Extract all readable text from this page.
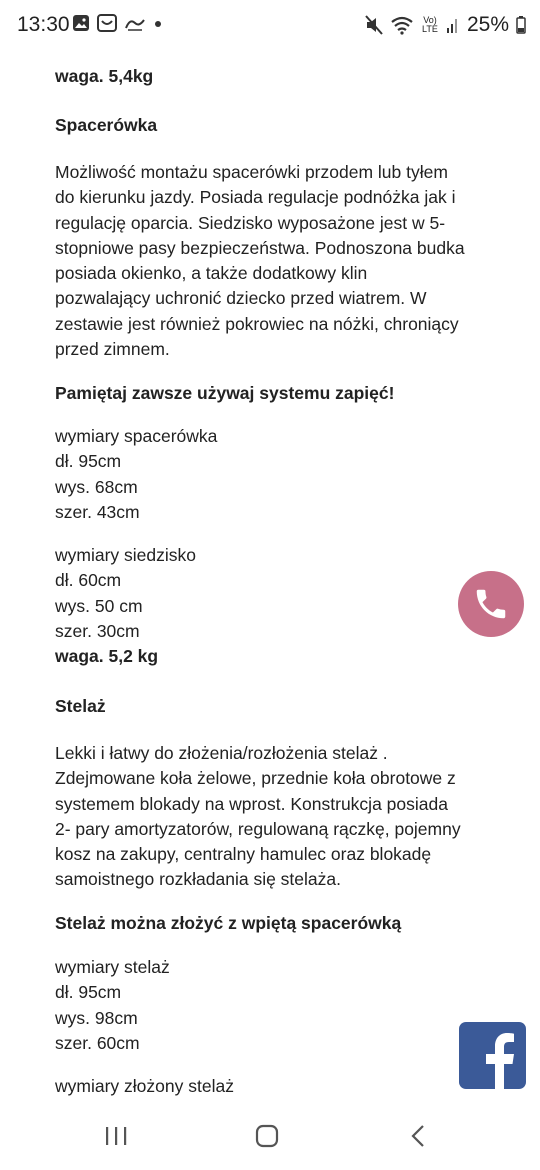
13:30	Vo) LTE 25%

waga. 5,4kg

Spacerówka

Możliwość montażu spacerówki przodem lub tyłem
do kierunku jazdy. Posiada regulacje podnóżka jak i
regulację oparcia. Siedzisko wyposażone jest w 5-
stopniowe pasy bezpieczeństwa. Podnoszona budka
posiada okienko, a także dodatkowy klin
pozwalający uchronić dziecko przed wiatrem. W
zestawie jest również pokrowiec na nóżki, chroniący
przed zimnem.

Pamiętaj zawsze używaj systemu zapięć!

wymiary spacerówka
dł. 95cm
wys. 68cm
szer. 43cm

wymiary siedzisko
dł. 60cm
wys. 50 cm
szer. 30cm
waga. 5,2 kg

Stelaż

Lekki i łatwy do złożenia/rozłożenia stelaż .
Zdejmowane koła żelowe, przednie koła obrotowe z
systemem blokady na wprost. Konstrukcja posiada
2- pary amortyzatorów, regulowaną rączkę, pojemny
kosz na zakupy, centralny hamulec oraz blokadę
samoistnego rozkładania się stelaża.

Stelaż można złożyć z wpiętą spacerówką

wymiary stelaż
dł. 95cm
wys. 98cm
szer. 60cm

wymiary złożony stelaż
